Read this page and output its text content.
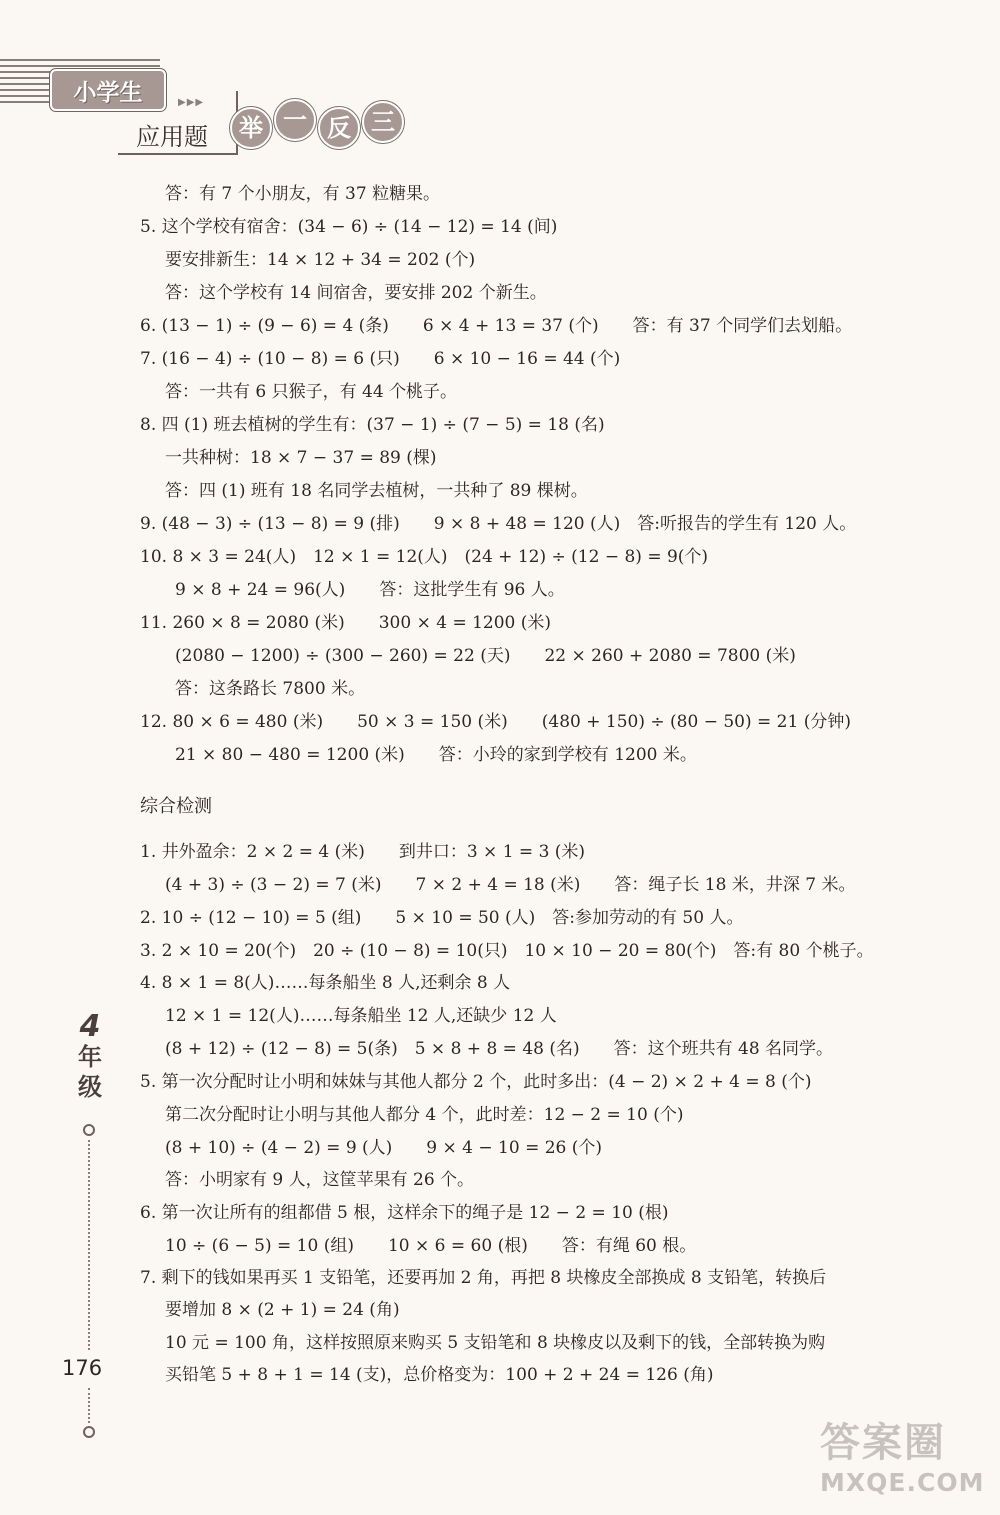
小学生	▶▶▶
应用题	举 一 反 三

答：有 7 个小朋友，有 37 粒糖果。
5. 这个学校有宿舍：(34 − 6) ÷ (14 − 12) = 14 (间)
要安排新生：14 × 12 + 34 = 202 (个)
答：这个学校有 14 间宿舍，要安排 202 个新生。
6. (13 − 1) ÷ (9 − 6) = 4 (条)　　6 × 4 + 13 = 37 (个)　　答：有 37 个同学们去划船。
7. (16 − 4) ÷ (10 − 8) = 6 (只)　　6 × 10 − 16 = 44 (个)
答：一共有 6 只猴子，有 44 个桃子。
8. 四 (1) 班去植树的学生有：(37 − 1) ÷ (7 − 5) = 18 (名)
一共种树：18 × 7 − 37 = 89 (棵)
答：四 (1) 班有 18 名同学去植树，一共种了 89 棵树。
9. (48 − 3) ÷ (13 − 8) = 9 (排)　　9 × 8 + 48 = 120 (人)　答:听报告的学生有 120 人。
10. 8 × 3 = 24(人)　12 × 1 = 12(人)　(24 + 12) ÷ (12 − 8) = 9(个)
9 × 8 + 24 = 96(人)　　答：这批学生有 96 人。
11. 260 × 8 = 2080 (米)　　300 × 4 = 1200 (米)
(2080 − 1200) ÷ (300 − 260) = 22 (天)　　22 × 260 + 2080 = 7800 (米)
答：这条路长 7800 米。
12. 80 × 6 = 480 (米)　　50 × 3 = 150 (米)　　(480 + 150) ÷ (80 − 50) = 21 (分钟)
21 × 80 − 480 = 1200 (米)　　答：小玲的家到学校有 1200 米。
综合检测
1. 井外盈余：2 × 2 = 4 (米)　　到井口：3 × 1 = 3 (米)
(4 + 3) ÷ (3 − 2) = 7 (米)　　7 × 2 + 4 = 18 (米)　　答：绳子长 18 米，井深 7 米。
2. 10 ÷ (12 − 10) = 5 (组)　　5 × 10 = 50 (人)　答:参加劳动的有 50 人。
3. 2 × 10 = 20(个)　20 ÷ (10 − 8) = 10(只)　10 × 10 − 20 = 80(个)　答:有 80 个桃子。
4. 8 × 1 = 8(人)……每条船坐 8 人,还剩余 8 人
12 × 1 = 12(人)……每条船坐 12 人,还缺少 12 人
(8 + 12) ÷ (12 − 8) = 5(条)　5 × 8 + 8 = 48 (名)　　答：这个班共有 48 名同学。
5. 第一次分配时让小明和妹妹与其他人都分 2 个，此时多出：(4 − 2) × 2 + 4 = 8 (个)
第二次分配时让小明与其他人都分 4 个，此时差：12 − 2 = 10 (个)
(8 + 10) ÷ (4 − 2) = 9 (人)　　9 × 4 − 10 = 26 (个)
答：小明家有 9 人，这筐苹果有 26 个。
6. 第一次让所有的组都借 5 根，这样余下的绳子是 12 − 2 = 10 (根)
10 ÷ (6 − 5) = 10 (组)　　10 × 6 = 60 (根)　　答：有绳 60 根。
7. 剩下的钱如果再买 1 支铅笔，还要再加 2 角，再把 8 块橡皮全部换成 8 支铅笔，转换后
要增加 8 × (2 + 1) = 24 (角)
10 元 = 100 角，这样按照原来购买 5 支铅笔和 8 块橡皮以及剩下的钱，全部转换为购
买铅笔 5 + 8 + 1 = 14 (支)，总价格变为：100 + 2 + 24 = 126 (角)
4
年
级
176
答案圈
MXQE.COM
